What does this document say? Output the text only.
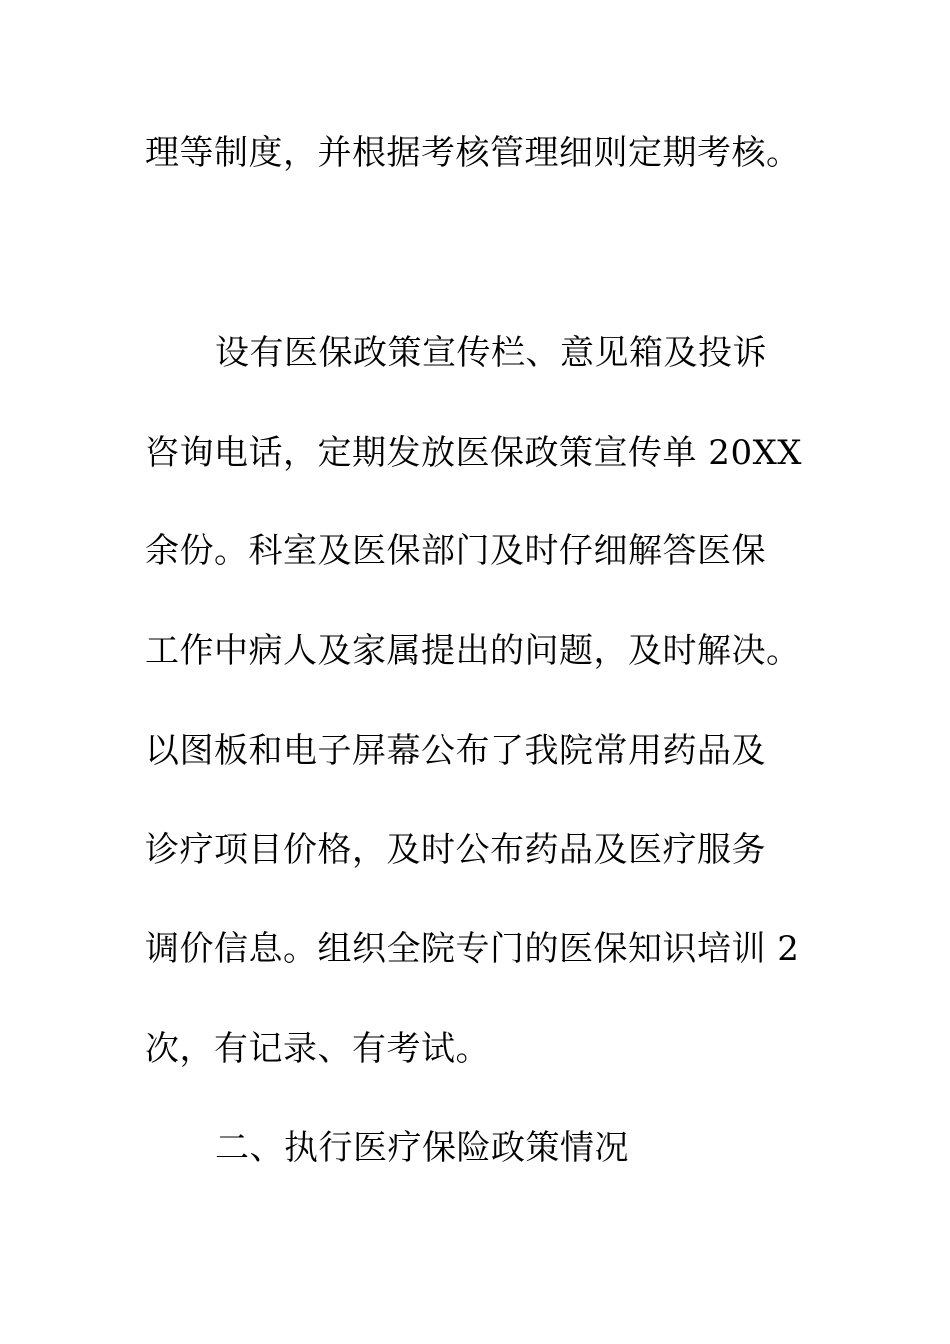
理等制度，并根据考核管理细则定期考核。
设有医保政策宣传栏、意见箱及投诉
咨询电话，定期发放医保政策宣传单 20XX
余份。科室及医保部门及时仔细解答医保
工作中病人及家属提出的问题，及时解决。
以图板和电子屏幕公布了我院常用药品及
诊疗项目价格，及时公布药品及医疗服务
调价信息。组织全院专门的医保知识培训 2
次，有记录、有考试。
二、执行医疗保险政策情况
